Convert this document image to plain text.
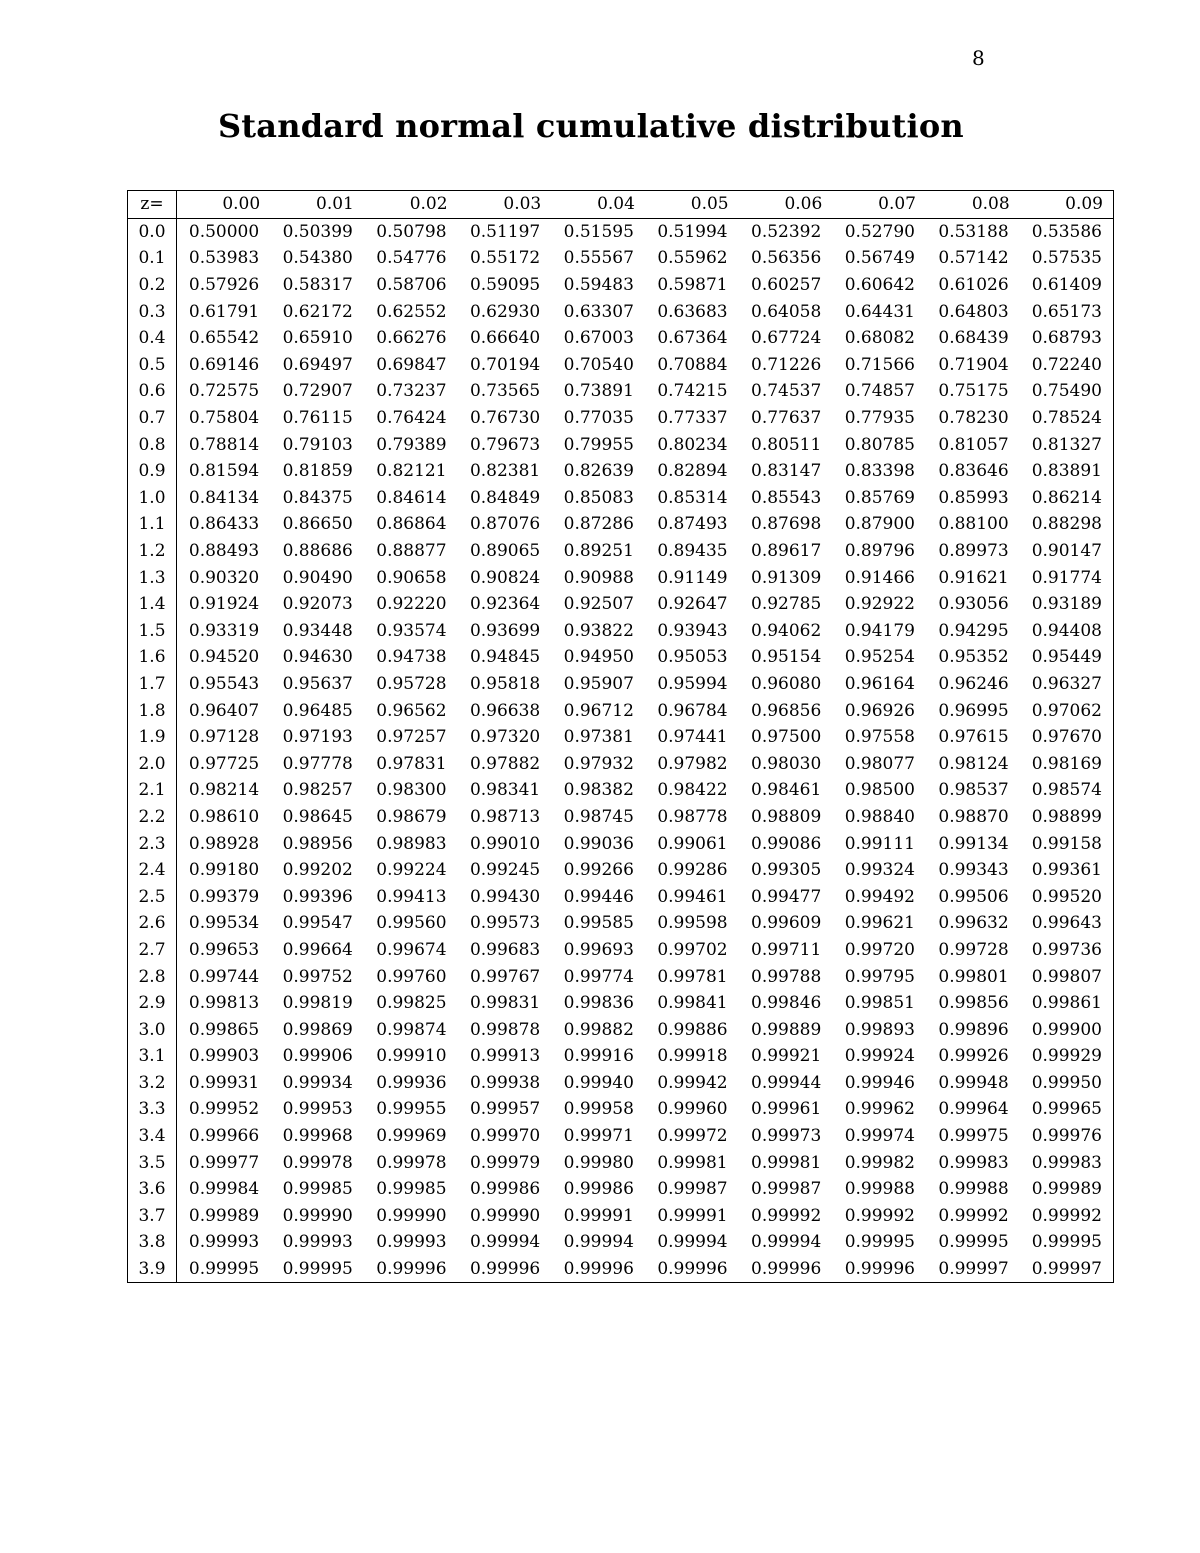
8
Standard normal cumulative distribution
z=	0.00	0.01	0.02	0.03	0.04	0.05	0.06	0.07	0.08	0.09
0.0	0.50000	0.50399	0.50798	0.51197	0.51595	0.51994	0.52392	0.52790	0.53188	0.53586
0.1	0.53983	0.54380	0.54776	0.55172	0.55567	0.55962	0.56356	0.56749	0.57142	0.57535
0.2	0.57926	0.58317	0.58706	0.59095	0.59483	0.59871	0.60257	0.60642	0.61026	0.61409
0.3	0.61791	0.62172	0.62552	0.62930	0.63307	0.63683	0.64058	0.64431	0.64803	0.65173
0.4	0.65542	0.65910	0.66276	0.66640	0.67003	0.67364	0.67724	0.68082	0.68439	0.68793
0.5	0.69146	0.69497	0.69847	0.70194	0.70540	0.70884	0.71226	0.71566	0.71904	0.72240
0.6	0.72575	0.72907	0.73237	0.73565	0.73891	0.74215	0.74537	0.74857	0.75175	0.75490
0.7	0.75804	0.76115	0.76424	0.76730	0.77035	0.77337	0.77637	0.77935	0.78230	0.78524
0.8	0.78814	0.79103	0.79389	0.79673	0.79955	0.80234	0.80511	0.80785	0.81057	0.81327
0.9	0.81594	0.81859	0.82121	0.82381	0.82639	0.82894	0.83147	0.83398	0.83646	0.83891
1.0	0.84134	0.84375	0.84614	0.84849	0.85083	0.85314	0.85543	0.85769	0.85993	0.86214
1.1	0.86433	0.86650	0.86864	0.87076	0.87286	0.87493	0.87698	0.87900	0.88100	0.88298
1.2	0.88493	0.88686	0.88877	0.89065	0.89251	0.89435	0.89617	0.89796	0.89973	0.90147
1.3	0.90320	0.90490	0.90658	0.90824	0.90988	0.91149	0.91309	0.91466	0.91621	0.91774
1.4	0.91924	0.92073	0.92220	0.92364	0.92507	0.92647	0.92785	0.92922	0.93056	0.93189
1.5	0.93319	0.93448	0.93574	0.93699	0.93822	0.93943	0.94062	0.94179	0.94295	0.94408
1.6	0.94520	0.94630	0.94738	0.94845	0.94950	0.95053	0.95154	0.95254	0.95352	0.95449
1.7	0.95543	0.95637	0.95728	0.95818	0.95907	0.95994	0.96080	0.96164	0.96246	0.96327
1.8	0.96407	0.96485	0.96562	0.96638	0.96712	0.96784	0.96856	0.96926	0.96995	0.97062
1.9	0.97128	0.97193	0.97257	0.97320	0.97381	0.97441	0.97500	0.97558	0.97615	0.97670
2.0	0.97725	0.97778	0.97831	0.97882	0.97932	0.97982	0.98030	0.98077	0.98124	0.98169
2.1	0.98214	0.98257	0.98300	0.98341	0.98382	0.98422	0.98461	0.98500	0.98537	0.98574
2.2	0.98610	0.98645	0.98679	0.98713	0.98745	0.98778	0.98809	0.98840	0.98870	0.98899
2.3	0.98928	0.98956	0.98983	0.99010	0.99036	0.99061	0.99086	0.99111	0.99134	0.99158
2.4	0.99180	0.99202	0.99224	0.99245	0.99266	0.99286	0.99305	0.99324	0.99343	0.99361
2.5	0.99379	0.99396	0.99413	0.99430	0.99446	0.99461	0.99477	0.99492	0.99506	0.99520
2.6	0.99534	0.99547	0.99560	0.99573	0.99585	0.99598	0.99609	0.99621	0.99632	0.99643
2.7	0.99653	0.99664	0.99674	0.99683	0.99693	0.99702	0.99711	0.99720	0.99728	0.99736
2.8	0.99744	0.99752	0.99760	0.99767	0.99774	0.99781	0.99788	0.99795	0.99801	0.99807
2.9	0.99813	0.99819	0.99825	0.99831	0.99836	0.99841	0.99846	0.99851	0.99856	0.99861
3.0	0.99865	0.99869	0.99874	0.99878	0.99882	0.99886	0.99889	0.99893	0.99896	0.99900
3.1	0.99903	0.99906	0.99910	0.99913	0.99916	0.99918	0.99921	0.99924	0.99926	0.99929
3.2	0.99931	0.99934	0.99936	0.99938	0.99940	0.99942	0.99944	0.99946	0.99948	0.99950
3.3	0.99952	0.99953	0.99955	0.99957	0.99958	0.99960	0.99961	0.99962	0.99964	0.99965
3.4	0.99966	0.99968	0.99969	0.99970	0.99971	0.99972	0.99973	0.99974	0.99975	0.99976
3.5	0.99977	0.99978	0.99978	0.99979	0.99980	0.99981	0.99981	0.99982	0.99983	0.99983
3.6	0.99984	0.99985	0.99985	0.99986	0.99986	0.99987	0.99987	0.99988	0.99988	0.99989
3.7	0.99989	0.99990	0.99990	0.99990	0.99991	0.99991	0.99992	0.99992	0.99992	0.99992
3.8	0.99993	0.99993	0.99993	0.99994	0.99994	0.99994	0.99994	0.99995	0.99995	0.99995
3.9	0.99995	0.99995	0.99996	0.99996	0.99996	0.99996	0.99996	0.99996	0.99997	0.99997
